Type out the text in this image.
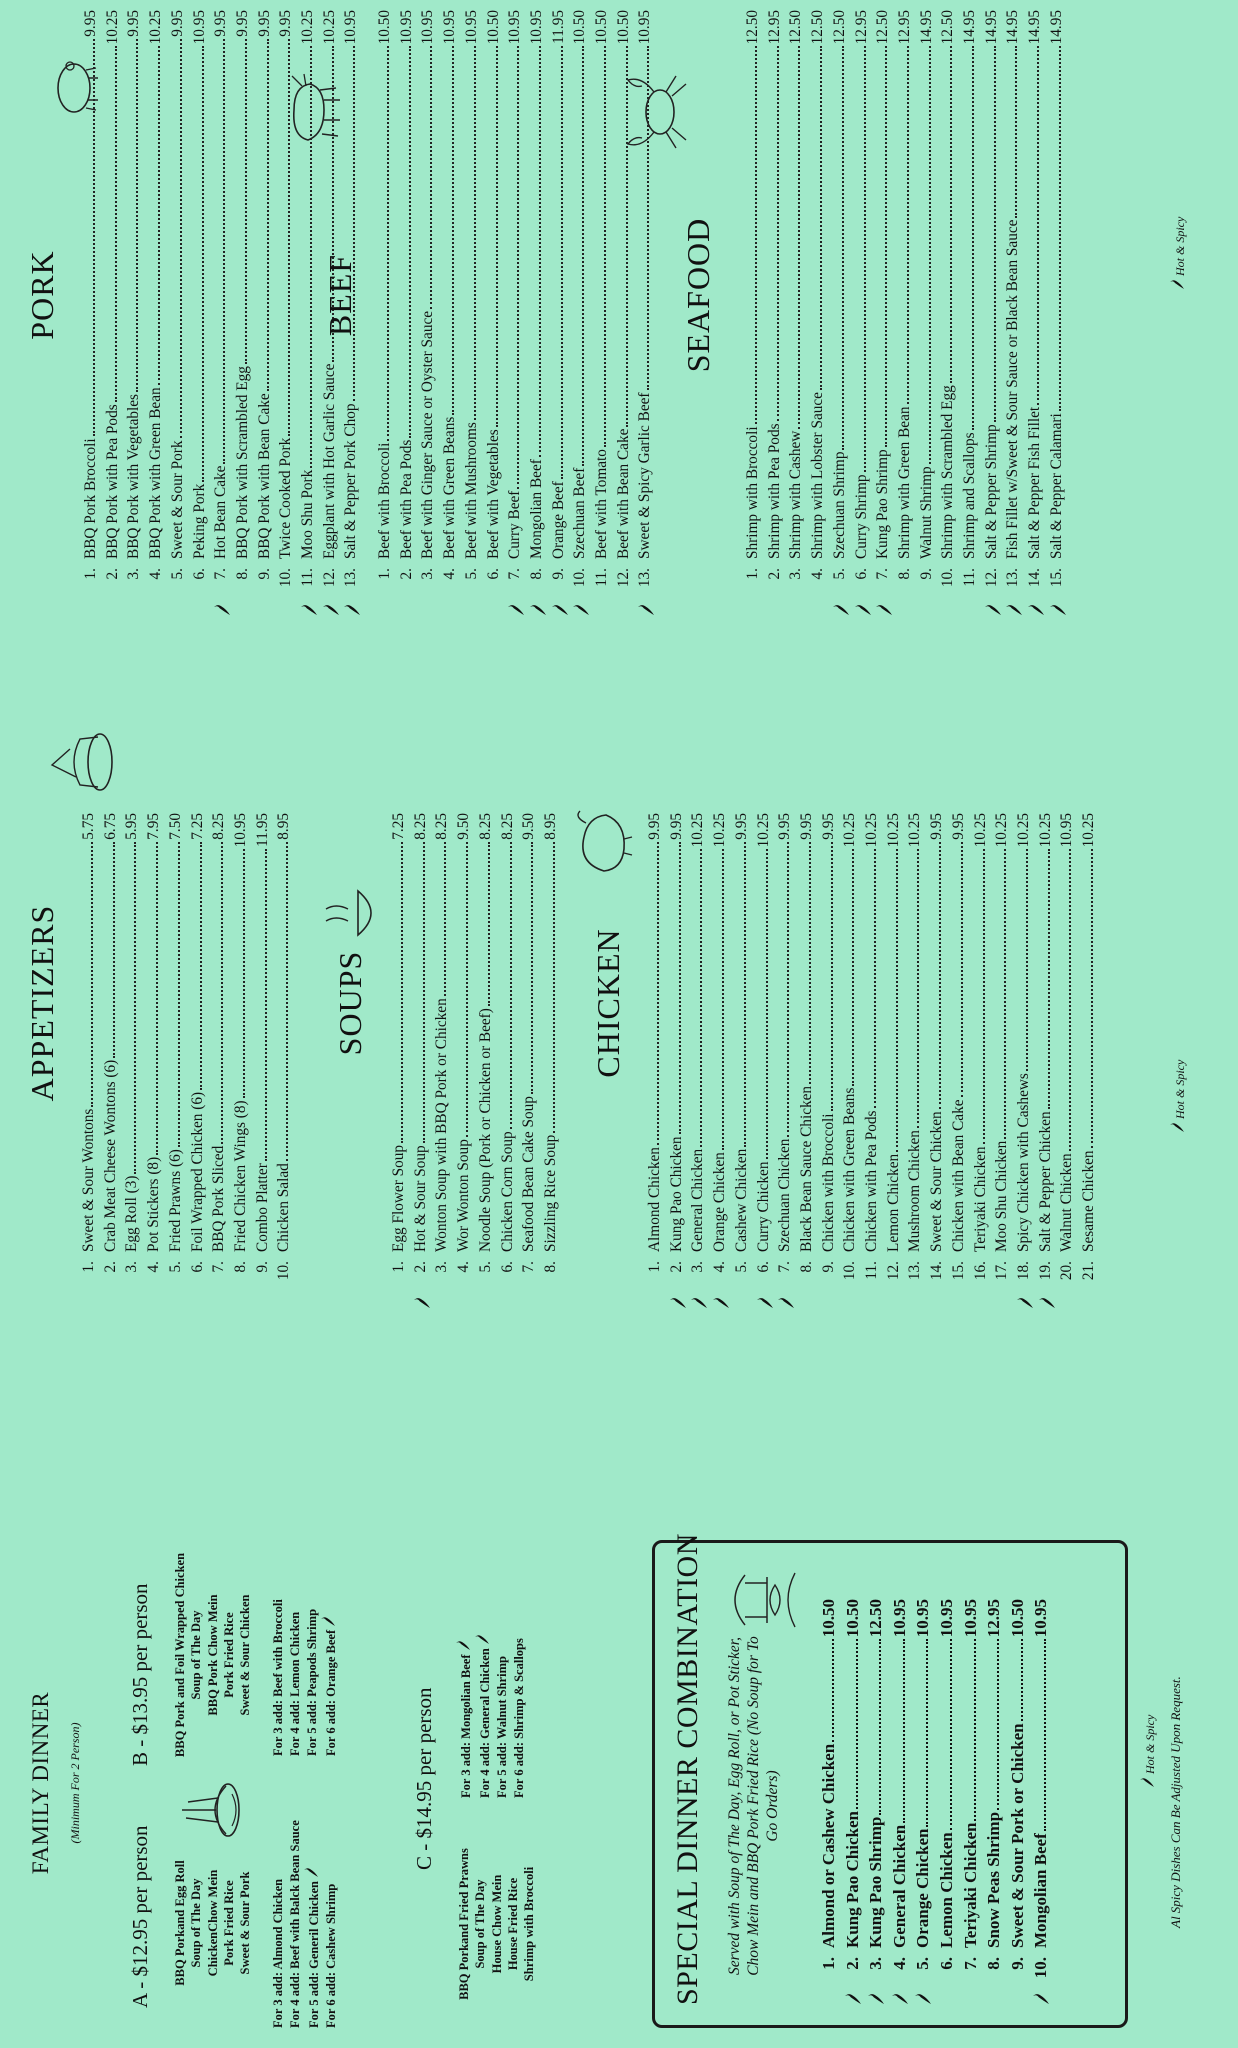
FAMILY DINNER (Minimum For 2 Person)
A - $12.95 per person
B - $13.95 per person
BBQ Porkand Egg Roll Soup of The Day ChickenChow Mein Pork Fried Rice Sweet & Sour Pork
BBQ Pork and Foil Wrapped Chicken Soup of The Day BBQ Pork Chow Mein Pork Fried Rice Sweet & Sour Chicken
For 3 add: Almond Chicken For 4 add: Beef with Balck Bean Sauce For 5 add: Generil Chicken For 6 add: Cashew Shrimp
For 3 add: Beef with Broccoli For 4 add: Lemon Chicken For 5 add: Peapods Shrimp For 6 add: Orange Beef	C - $14.95 per person
BBQ Porkand Fried Prawns Soup of The Day House Chow Mein House Fried Rice Shrimp with Broccoli
For 3 add: Mongolian Beef For 4 add: General Chicken For 5 add: Walnut Shrimp For 6 add: Shrimp & Scallops	SPECIAL DINNER COMBINATION Served with Soup of The Day, Egg Roll, or Pot Sticker, Chow Mein and BBQ Pork Fried Rice (No Soup for To Go Orders)
1.
Almond or Cashew Chicken
10.50
2.
Kung Pao Chicken
10.50
3.
Kung Pao Shrimp
12.50
4.
General Chicken
10.95
5.
Orange Chicken
10.95
6.
Lemon Chicken
10.95
7.
Teriyaki Chicken
10.95
8.
Snow Peas Shrimp
12.95
9.
Sweet & Sour Pork or Chicken
10.50
10.
Mongolian Beef
10.95
Hot & Spicy Al Spicy Dishes Can Be Adjusted Upon Request.
APPETIZERS
1.
Sweet & Sour Wontons
5.75
2.
Crab Meat Cheese Wontons (6)
6.75
3.
Egg Roll (3)
5.95
4.
Pot Stickers (8)
7.95
5.
Fried Prawns (6)
7.50
6.
Foil Wrapped Chicken (6)
7.25
7.
BBQ Pork Sliced
8.25
8.
Fried Chicken Wings (8)
10.95
9.
Combo Platter
11.95
10.
Chicken Salad
8.95
SOUPS
1.
Egg Flower Soup
7.25
2.
Hot & Sour Soup
8.25
3.
Wonton Soup with BBQ Pork or Chicken
8.25
4.
Wor Wonton Soup
9.50
5.
Noodle Soup (Pork or Chicken or Beef)
8.25
6.
Chicken Corn Soup
8.25
7.
Seafood Bean Cake Soup
9.50
8.
Sizzling Rice Soup
8.95
CHICKEN
1.
Almond Chicken
9.95
2.
Kung Pao Chicken
9.95
3.
General Chicken
10.25
4.
Orange Chicken
10.25
5.
Cashew Chicken
9.95
6.
Curry Chicken
10.25
7.
Szechuan Chicken
9.95
8.
Black Bean Sauce Chicken
9.95
9.
Chicken with Broccoli
9.95
10.
Chicken with Green Beans
10.25
11.
Chicken with Pea Pods
10.25
12.
Lemon Chicken
10.25
13.
Mushroom Chicken
10.25
14.
Sweet & Sour Chicken
9.95
15.
Chicken with Bean Cake
9.95
16.
Teriyaki Chicken
10.25
17.
Moo Shu Chicken
10.25
18.
Spicy Chicken with Cashews
10.25
19.
Salt & Pepper Chicken
10.25
20.
Walnut Chicken
10.95
21.
Sesame Chicken
10.25
Hot & Spicy
PORK
1.
BBQ Pork Broccoli
9.95
2.
BBQ Pork with Pea Pods
10.25
3.
BBQ Pork with Vegetables
9.95
4.
BBQ Pork with Green Bean
10.25
5.
Sweet & Sour Pork
9.95
6.
Peking Pork
10.95
7.
Hot Bean Cake
9.95
8.
BBQ Pork with Scrambled Egg
9.95
9.
BBQ Pork with Bean Cake
9.95
10.
Twice Cooked Pork
9.95
11.
Moo Shu Pork
10.25
12.
Eggplant with Hot Garlic Sauce
10.25
13.
Salt & Pepper Pork Chop
10.95
BEEF
1.
Beef with Broccoli
10.50
2.
Beef with Pea Pods
10.95
3.
Beef with Ginger Sauce or Oyster Sauce
10.95
4.
Beef with Green Beans
10.95
5.
Beef with Mushrooms
10.95
6.
Beef with Vegetables
10.50
7.
Curry Beef
10.95
8.
Mongolian Beef
10.95
9.
Orange Beef
11.95
10.
Szechuan Beef
10.50
11.
Beef with Tomato
10.50
12.
Beef with Bean Cake
10.50
13.
Sweet & Spicy Garlic Beef
10.95
SEAFOOD
1.
Shrimp with Broccoli
12.50
2.
Shrimp with Pea Pods
12.95
3.
Shrimp with Cashew
12.50
4.
Shrimp with Lobster Sauce
12.50
5.
Szechuan Shrimp
12.50
6.
Curry Shrimp
12.95
7.
Kung Pao Shrimp
12.50
8.
Shrimp with Green Bean
12.95
9.
Walnut Shrimp
14.95
10.
Shrimp with Scrambled Egg
12.50
11.
Shrimp and Scallops
14.95
12.
Salt & Pepper Shrimp
14.95
13.
Fish Fillet w/Sweet & Sour Sauce or Black Bean Sauce
14.95
14.
Salt & Pepper Fish Fillet
14.95
15.
Salt & Pepper Calamari
14.95
Hot & Spicy
